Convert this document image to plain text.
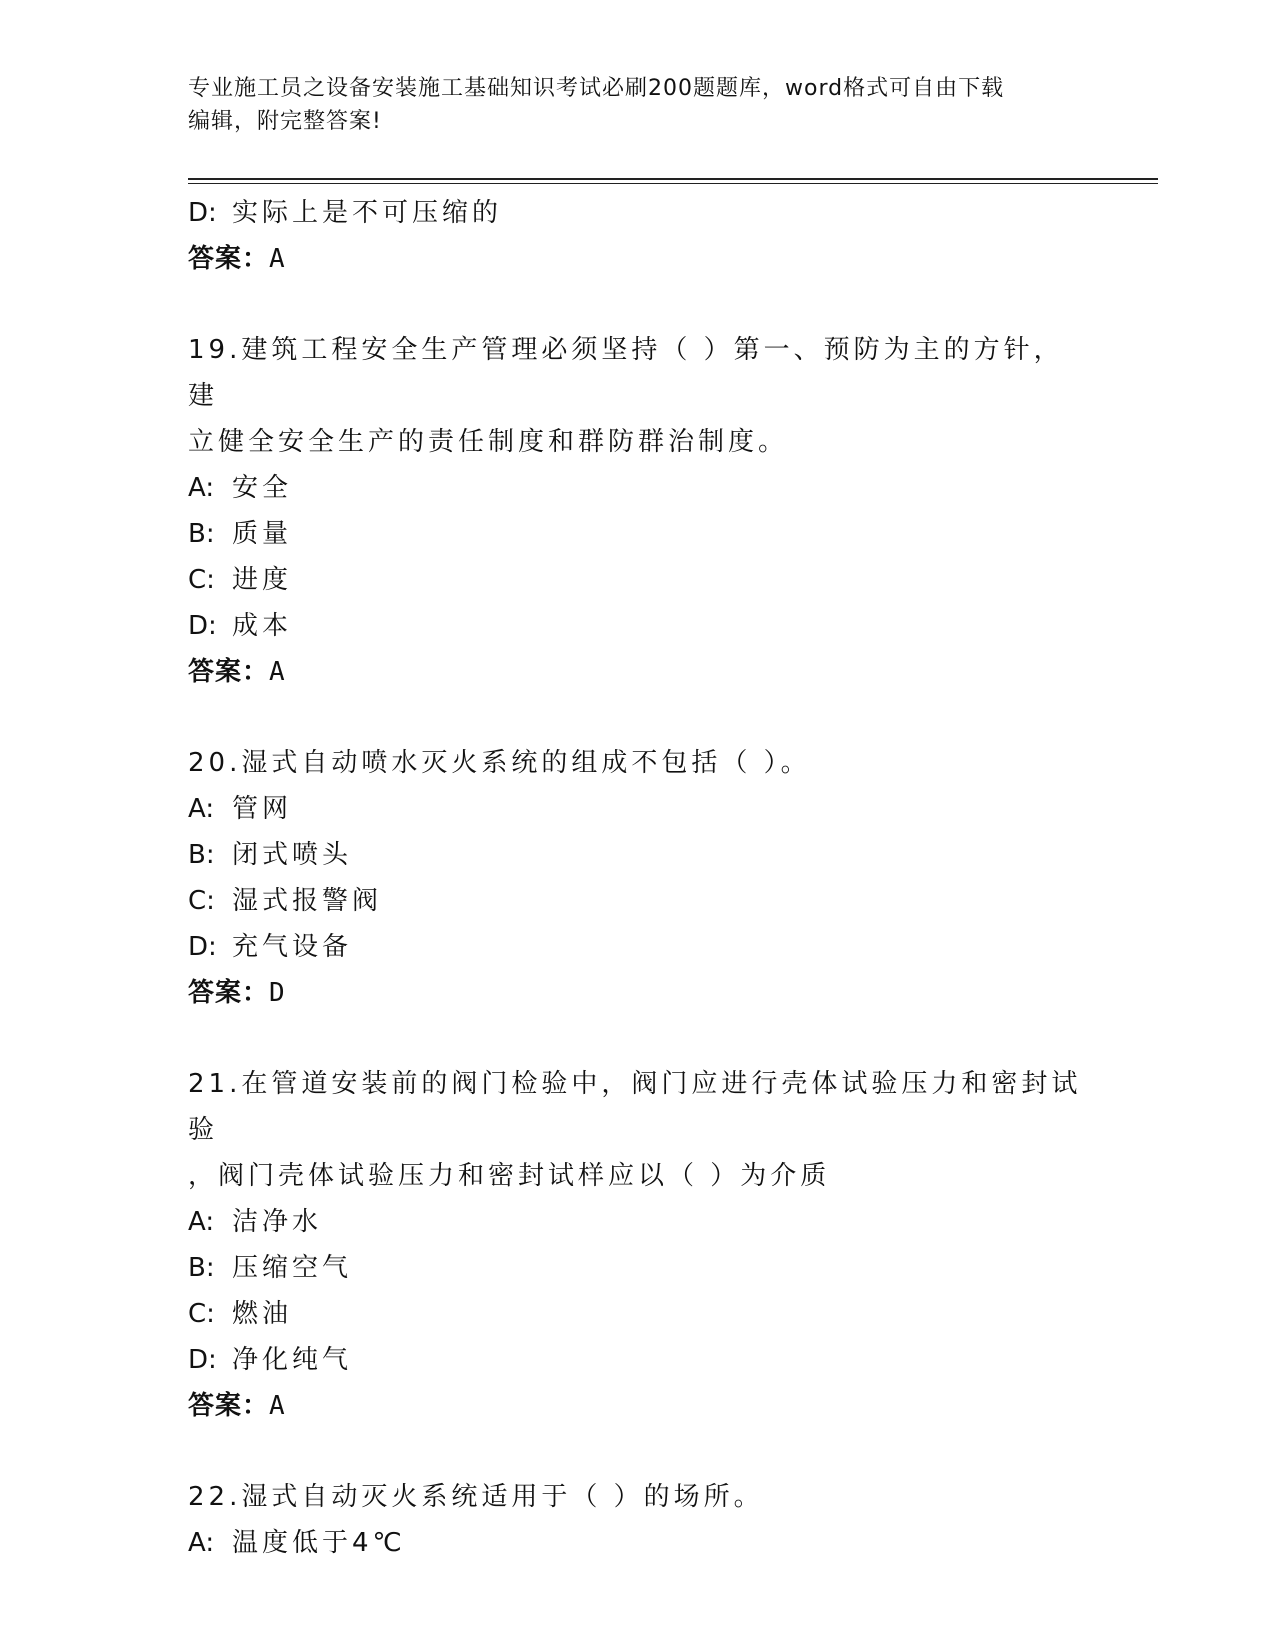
专业施工员之设备安装施工基础知识考试必刷200题题库，word格式可自由下载
编辑，附完整答案!
D: 实际上是不可压缩的
答案：A
19.建筑工程安全生产管理必须坚持（ ）第一、预防为主的方针，建
立健全安全生产的责任制度和群防群治制度。
A: 安全
B: 质量
C: 进度
D: 成本
答案：A
20.湿式自动喷水灭火系统的组成不包括（ ）。
A: 管网
B: 闭式喷头
C: 湿式报警阀
D: 充气设备
答案：D
21.在管道安装前的阀门检验中，阀门应进行壳体试验压力和密封试验
，阀门壳体试验压力和密封试样应以（ ）为介质
A: 洁净水
B: 压缩空气
C: 燃油
D: 净化纯气
答案：A
22.湿式自动灭火系统适用于（ ）的场所。
A: 温度低于4℃
